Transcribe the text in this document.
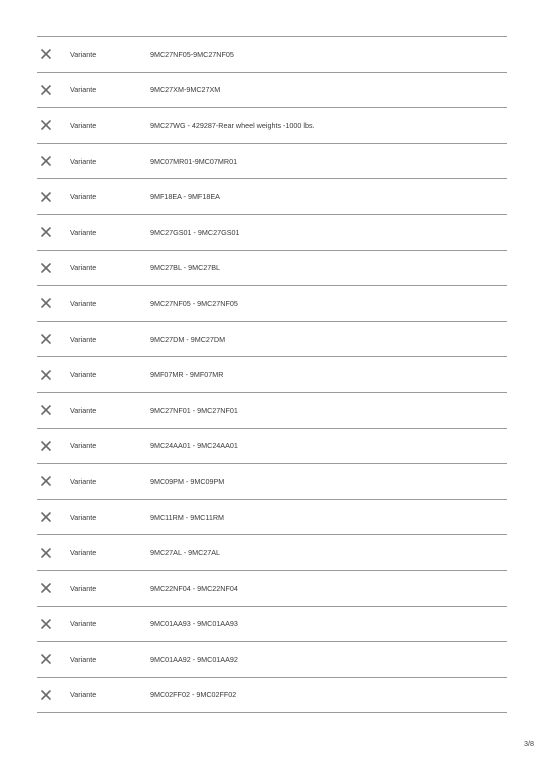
Variante	9MC27NF05-9MC27NF05
Variante	9MC27XM-9MC27XM
Variante	9MC27WG - 429287-Rear wheel weights -1000 lbs.
Variante	9MC07MR01-9MC07MR01
Variante	9MF18EA - 9MF18EA
Variante	9MC27GS01 - 9MC27GS01
Variante	9MC27BL - 9MC27BL
Variante	9MC27NF05 - 9MC27NF05
Variante	9MC27DM - 9MC27DM
Variante	9MF07MR - 9MF07MR
Variante	9MC27NF01 - 9MC27NF01
Variante	9MC24AA01 - 9MC24AA01
Variante	9MC09PM - 9MC09PM
Variante	9MC11RM - 9MC11RM
Variante	9MC27AL - 9MC27AL
Variante	9MC22NF04 - 9MC22NF04
Variante	9MC01AA93 - 9MC01AA93
Variante	9MC01AA92 - 9MC01AA92
Variante	9MC02FF02 - 9MC02FF02
3/8
